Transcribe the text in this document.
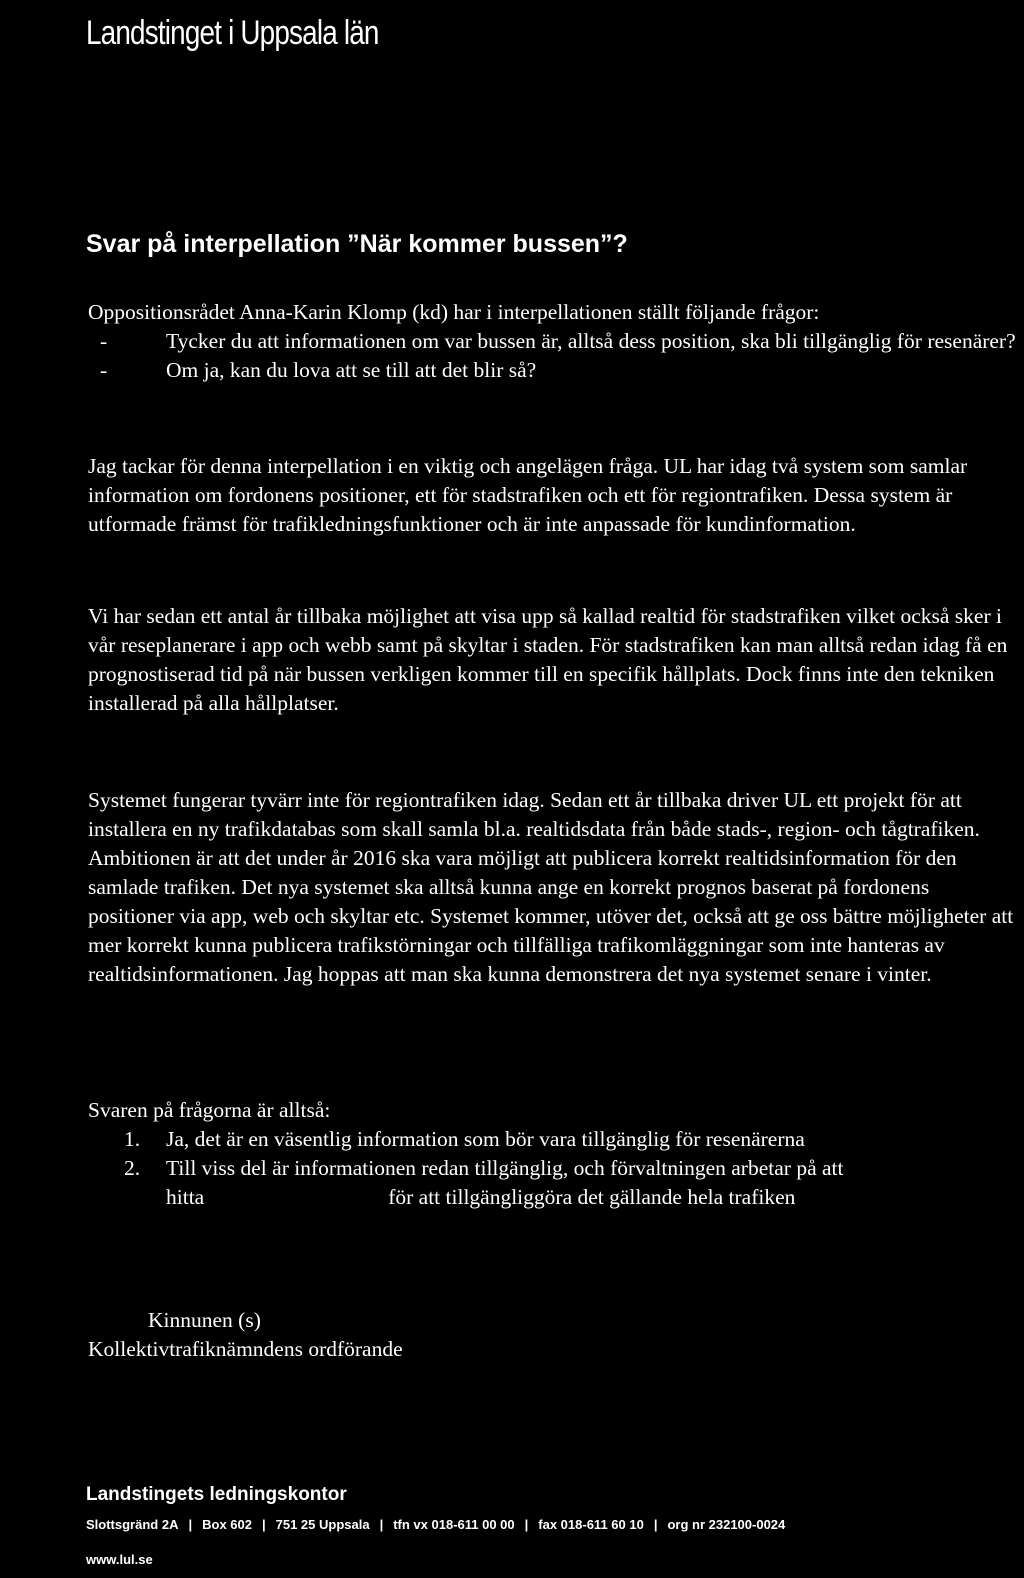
Landstinget i Uppsala län
Svar på interpellation ”När kommer bussen”?

Oppositionsrådet Anna-Karin Klomp (kd) har i interpellationen ställt följande frågor:

-	Tycker du att informationen om var bussen är, alltså dess position, ska bli tillgänglig för resenärer?
-	Om ja, kan du lova att se till att det blir så?

Jag tackar för denna interpellation i en viktig och angelägen fråga. UL har idag två system som samlar information om fordonens positioner, ett för stadstrafiken och ett för regiontrafiken. Dessa system är utformade främst för trafikledningsfunktioner och är inte anpassade för kundinformation.

Vi har sedan ett antal år tillbaka möjlighet att visa upp så kallad realtid för stadstrafiken vilket också sker i vår reseplanerare i app och webb samt på skyltar i staden. För stadstrafiken kan man alltså redan idag få en prognostiserad tid på när bussen verkligen kommer till en specifik hållplats. Dock finns inte den tekniken installerad på alla hållplatser.

Systemet fungerar tyvärr inte för regiontrafiken idag. Sedan ett år tillbaka driver UL ett projekt för att installera en ny trafikdatabas som skall samla bl.a. realtidsdata från både stads-, region- och tågtrafiken. Ambitionen är att det under år 2016 ska vara möjligt att publicera korrekt realtidsinformation för den samlade trafiken. Det nya systemet ska alltså kunna ange en korrekt prognos baserat på fordonens positioner via app, web och skyltar etc. Systemet kommer, utöver det, också att ge oss bättre möjligheter att mer korrekt kunna publicera trafikstörningar och tillfälliga trafikomläggningar som inte hanteras av realtidsinformationen. Jag hoppas att man ska kunna demonstrera det nya systemet senare i vinter.

Svaren på frågorna är alltså:

1. Ja, det är en väsentlig information som bör vara tillgänglig för resenärerna
2. Till viss del är informationen redan tillgänglig, och förvaltningen arbetar på att
hitta	för att tillgängliggöra det gällande hela trafiken

Kinnunen (s)

Kollektivtrafiknämndens ordförande

Landstingets ledningskontor
Slottsgränd 2A | Box 602 | 751 25 Uppsala | tfn vx 018-611 00 00 | fax 018-611 60 10 | org nr 232100-0024
www.lul.se
